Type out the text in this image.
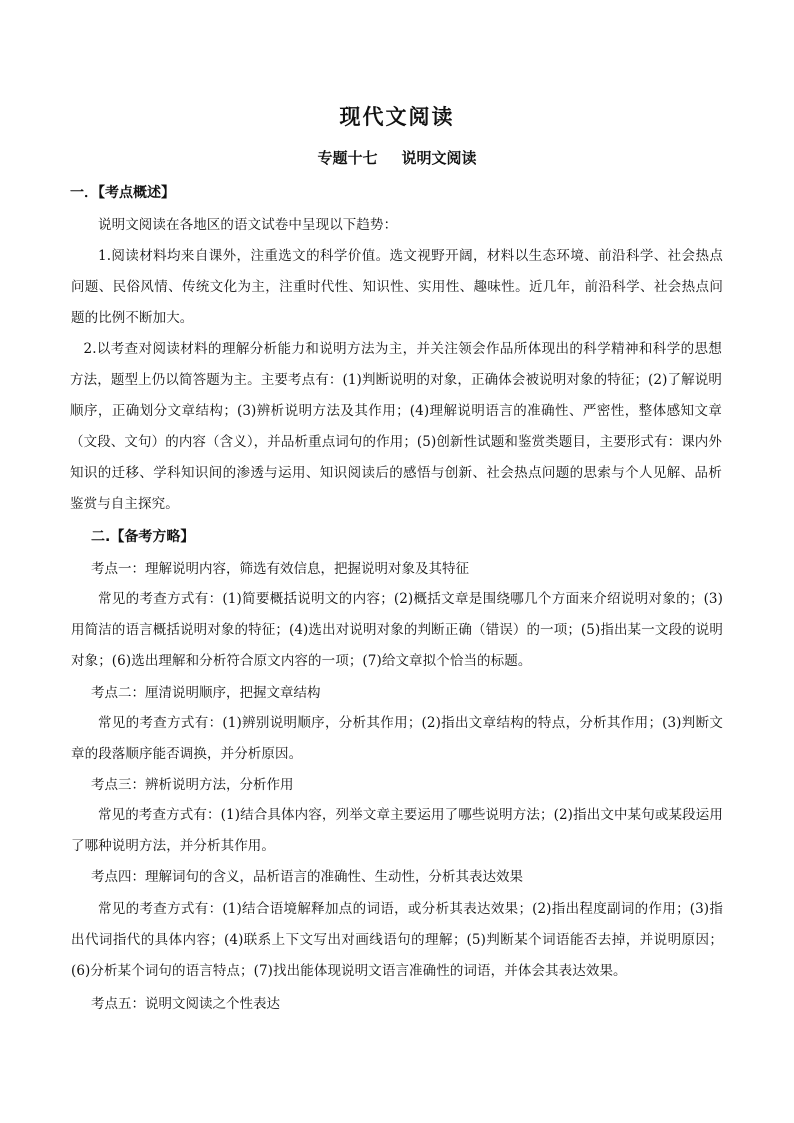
现代文阅读
专题十七 说明文阅读
一．【考点概述】
说明文阅读在各地区的语文试卷中呈现以下趋势：
1.阅读材料均来自课外，注重选文的科学价值。选文视野开阔，材料以生态环境、前沿科学、社会热点问题、民俗风情、传统文化为主，注重时代性、知识性、实用性、趣味性。近几年，前沿科学、社会热点问题的比例不断加大。
2.以考查对阅读材料的理解分析能力和说明方法为主，并关注领会作品所体现出的科学精神和科学的思想方法，题型上仍以简答题为主。主要考点有：(1)判断说明的对象，正确体会被说明对象的特征；(2)了解说明顺序，正确划分文章结构；(3)辨析说明方法及其作用；(4)理解说明语言的准确性、严密性，整体感知文章（文段、文句）的内容（含义），并品析重点词句的作用；(5)创新性试题和鉴赏类题目，主要形式有：课内外知识的迁移、学科知识间的渗透与运用、知识阅读后的感悟与创新、社会热点问题的思索与个人见解、品析鉴赏与自主探究。
二.【备考方略】
考点一：理解说明内容，筛选有效信息，把握说明对象及其特征
常见的考查方式有：(1)简要概括说明文的内容；(2)概括文章是围绕哪几个方面来介绍说明对象的；(3)用简洁的语言概括说明对象的特征；(4)选出对说明对象的判断正确（错误）的一项；(5)指出某一文段的说明对象；(6)选出理解和分析符合原文内容的一项；(7)给文章拟个恰当的标题。
考点二：厘清说明顺序，把握文章结构
常见的考查方式有：(1)辨别说明顺序，分析其作用；(2)指出文章结构的特点，分析其作用；(3)判断文章的段落顺序能否调换，并分析原因。
考点三：辨析说明方法，分析作用
常见的考查方式有：(1)结合具体内容，列举文章主要运用了哪些说明方法；(2)指出文中某句或某段运用了哪种说明方法，并分析其作用。
考点四：理解词句的含义，品析语言的准确性、生动性，分析其表达效果
常见的考查方式有：(1)结合语境解释加点的词语，或分析其表达效果；(2)指出程度副词的作用；(3)指出代词指代的具体内容；(4)联系上下文写出对画线语句的理解；(5)判断某个词语能否去掉，并说明原因；(6)分析某个词句的语言特点；(7)找出能体现说明文语言准确性的词语，并体会其表达效果。
考点五：说明文阅读之个性表达
